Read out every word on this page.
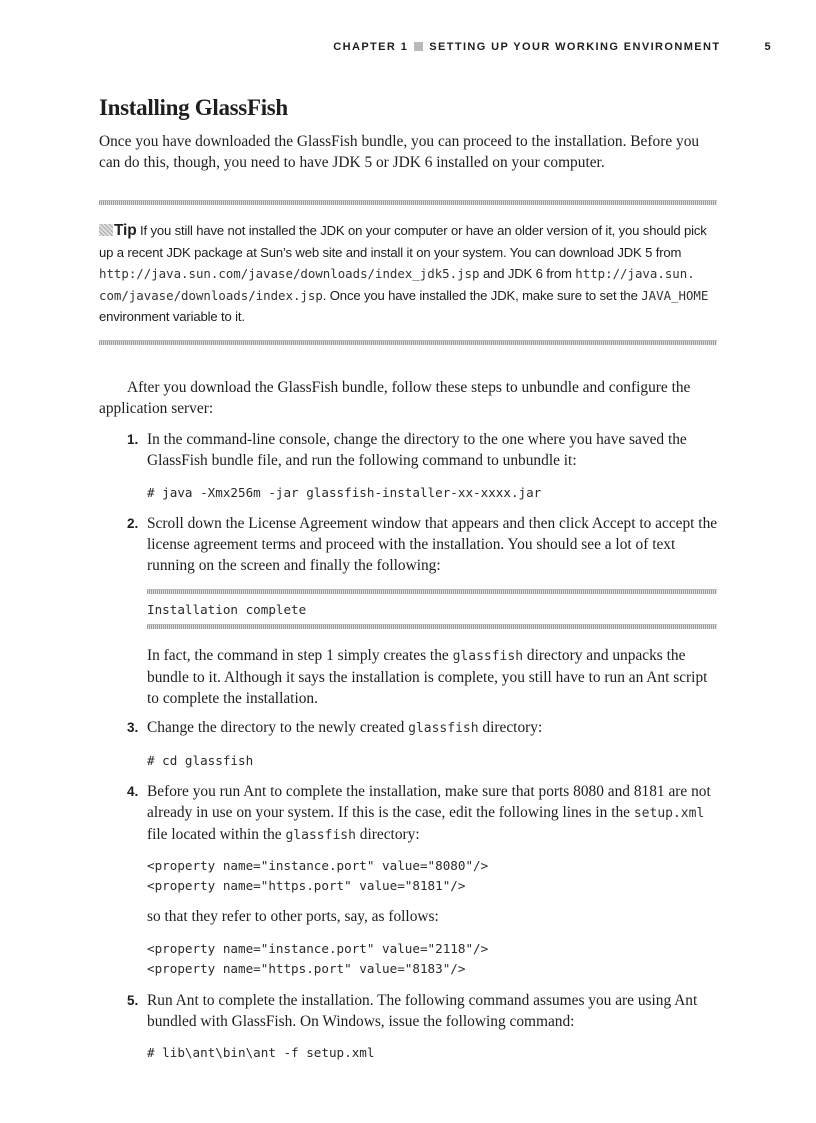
CHAPTER 1 SETTING UP YOUR WORKING ENVIRONMENT	5
Installing GlassFish

Once you have downloaded the GlassFish bundle, you can proceed to the installation. Before you can do this, though, you need to have JDK 5 or JDK 6 installed on your computer.

Tip If you still have not installed the JDK on your computer or have an older version of it, you should pick up a recent JDK package at Sun’s web site and install it on your system. You can download JDK 5 from http://java.sun.com/javase/downloads/index_jdk5.jsp and JDK 6 from http://java.sun.
com/javase/downloads/index.jsp. Once you have installed the JDK, make sure to set the JAVA_HOME environment variable to it.

After you download the GlassFish bundle, follow these steps to unbundle and configure the application server:

1. In the command-line console, change the directory to the one where you have saved the GlassFish bundle file, and run the following command to unbundle it:

# java -Xmx256m -jar glassfish-installer-xx-xxxx.jar
2. Scroll down the License Agreement window that appears and then click Accept to accept the license agreement terms and proceed with the installation. You should see a lot of text running on the screen and finally the following:

Installation complete

In fact, the command in step 1 simply creates the glassfish directory and unpacks the bundle to it. Although it says the installation is complete, you still have to run an Ant script to complete the installation.

3. Change the directory to the newly created glassfish directory:

# cd glassfish
4. Before you run Ant to complete the installation, make sure that ports 8080 and 8181 are not already in use on your system. If this is the case, edit the following lines in the setup.xml file located within the glassfish directory:

<property name="instance.port" value="8080"/>
<property name="https.port" value="8181"/>

so that they refer to other ports, say, as follows:

<property name="instance.port" value="2118"/>
<property name="https.port" value="8183"/>
5. Run Ant to complete the installation. The following command assumes you are using Ant bundled with GlassFish. On Windows, issue the following command:

# lib\ant\bin\ant -f setup.xml
